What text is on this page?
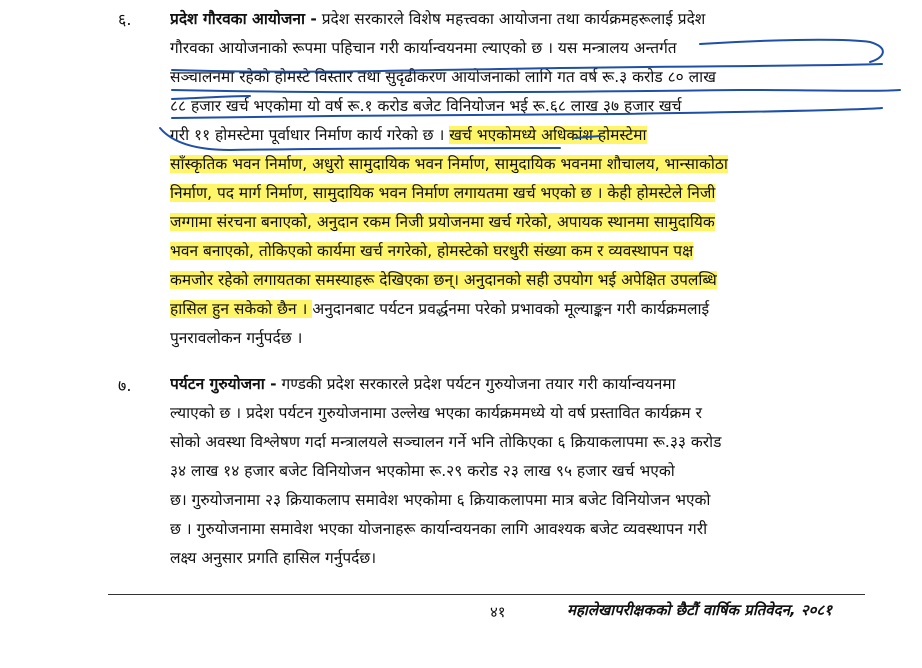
६. प्रदेश गौरवका आयोजना - प्रदेश सरकारले विशेष महत्त्वका आयोजना तथा कार्यक्रमहरूलाई प्रदेश
गौरवका आयोजनाको रूपमा पहिचान गरी कार्यान्वयनमा ल्याएको छ । यस मन्त्रालय अन्तर्गत
सञ्चालनमा रहेको होमस्टे विस्तार तथा सुदृढीकरण आयोजनाको लागि गत वर्ष रू.३ करोड ८० लाख
८८ हजार खर्च भएकोमा यो वर्ष रू.१ करोड बजेट विनियोजन भई रू.६८ लाख ३७ हजार खर्च
गरी ११ होमस्टेमा पूर्वाधार निर्माण कार्य गरेको छ । खर्च भएकोमध्ये अधिकांश होमस्टेमा
साँस्कृतिक भवन निर्माण, अधुरो सामुदायिक भवन निर्माण, सामुदायिक भवनमा शौचालय, भान्साकोठा
निर्माण, पद मार्ग निर्माण, सामुदायिक भवन निर्माण लगायतमा खर्च भएको छ । केही होमस्टेले निजी
जग्गामा संरचना बनाएको, अनुदान रकम निजी प्रयोजनमा खर्च गरेको, अपायक स्थानमा सामुदायिक
भवन बनाएको, तोकिएको कार्यमा खर्च नगरेको, होमस्टेको घरधुरी संख्या कम र व्यवस्थापन पक्ष
कमजोर रहेको लगायतका समस्याहरू देखिएका छन्। अनुदानको सही उपयोग भई अपेक्षित उपलब्धि
हासिल हुन सकेको छैन । अनुदानबाट पर्यटन प्रवर्द्धनमा परेको प्रभावको मूल्याङ्कन गरी कार्यक्रमलाई
पुनरावलोकन गर्नुपर्दछ ।
७. पर्यटन गुरुयोजना - गण्डकी प्रदेश सरकारले प्रदेश पर्यटन गुरुयोजना तयार गरी कार्यान्वयनमा
ल्याएको छ । प्रदेश पर्यटन गुरुयोजनामा उल्लेख भएका कार्यक्रममध्ये यो वर्ष प्रस्तावित कार्यक्रम र
सोको अवस्था विश्लेषण गर्दा मन्त्रालयले सञ्चालन गर्ने भनि तोकिएका ६ क्रियाकलापमा रू.३३ करोड
३४ लाख १४ हजार बजेट विनियोजन भएकोमा रू.२९ करोड २३ लाख ९५ हजार खर्च भएको
छ। गुरुयोजनामा २३ क्रियाकलाप समावेश भएकोमा ६ क्रियाकलापमा मात्र बजेट विनियोजन भएको
छ । गुरुयोजनामा समावेश भएका योजनाहरू कार्यान्वयनका लागि आवश्यक बजेट व्यवस्थापन गरी
लक्ष्य अनुसार प्रगति हासिल गर्नुपर्दछ।
४१	महालेखापरीक्षकको छैटौं वार्षिक प्रतिवेदन, २०८१
